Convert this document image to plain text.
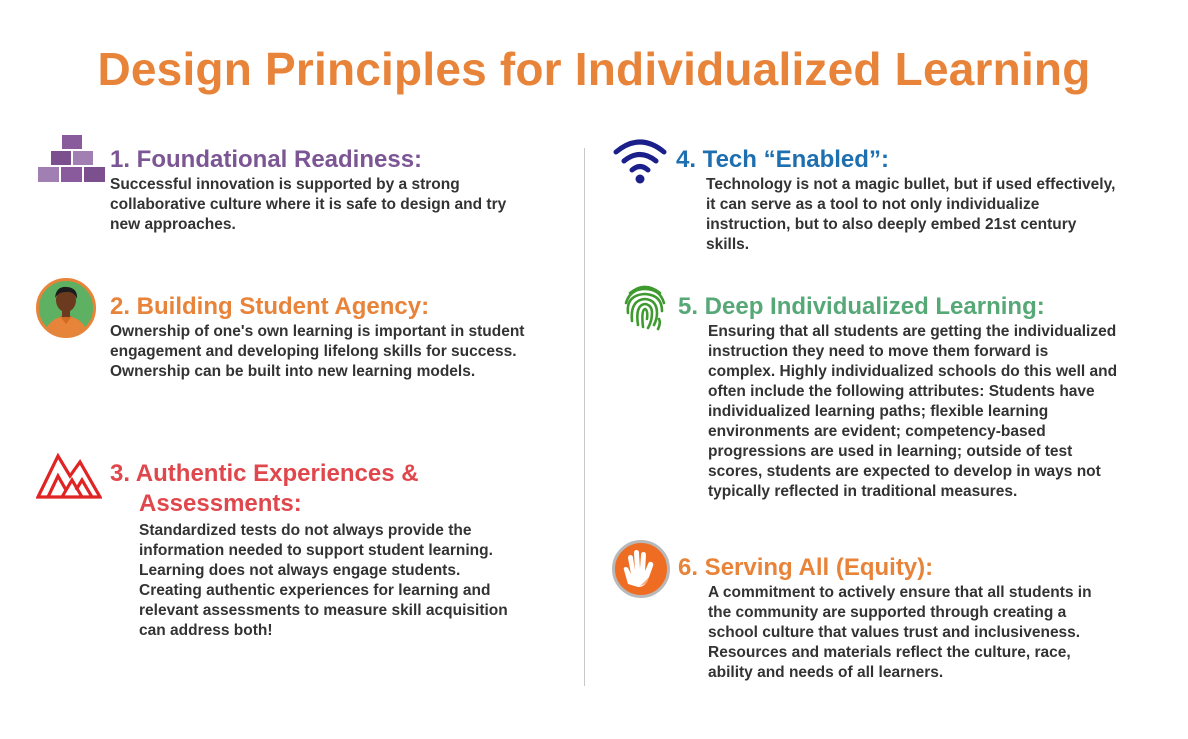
Design Principles for Individualized Learning
1. Foundational Readiness:

Successful innovation is supported by a strong collaborative culture where it is safe to design and try new approaches.

2. Building Student Agency:

Ownership of one's own learning is important in student engagement and developing lifelong skills for success. Ownership can be built into new learning models.

3. Authentic Experiences &
Assessments:

Standardized tests do not always provide the information needed to support student learning. Learning does not always engage students. Creating authentic experiences for learning and relevant assessments to measure skill acquisition can address both!

4. Tech “Enabled”:

Technology is not a magic bullet, but if used effectively, it can serve as a tool to not only individualize instruction, but to also deeply embed 21st century skills.

5. Deep Individualized Learning:

Ensuring that all students are getting the individualized instruction they need to move them forward is complex. Highly individualized schools do this well and often include the following attributes: Students have individualized learning paths; flexible learning environments are evident; competency-based progressions are used in learning; outside of test scores, students are expected to develop in ways not typically reflected in traditional measures.

6. Serving All (Equity):

A commitment to actively ensure that all students in the community are supported through creating a school culture that values trust and inclusiveness. Resources and materials reflect the culture, race, ability and needs of all learners.
